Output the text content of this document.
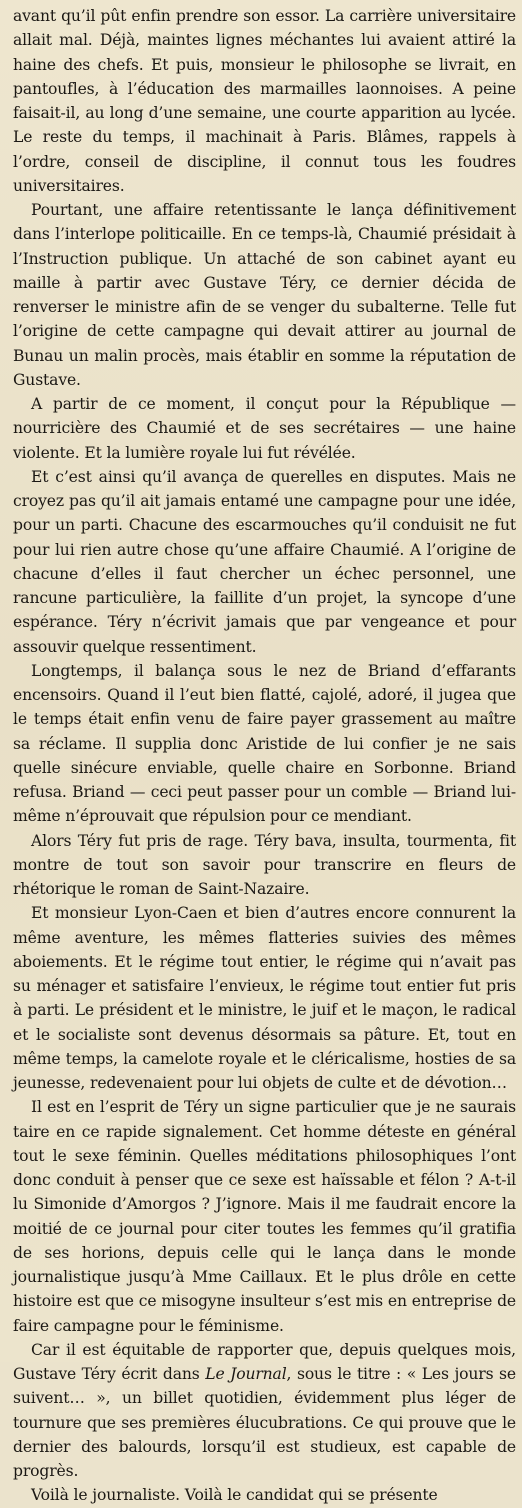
avant qu’il pût enfin prendre son essor. La carrière universitaire allait mal. Déjà, maintes lignes méchantes lui avaient attiré la haine des chefs. Et puis, monsieur le philosophe se livrait, en pantoufles, à l’éducation des marmailles laonnoises. A peine faisait-il, au long d’une semaine, une courte apparition au lycée. Le reste du temps, il machinait à Paris. Blâmes, rappels à l’ordre, conseil de discipline, il connut tous les foudres universitaires.

Pourtant, une affaire retentissante le lança définitivement dans l’interlope politicaille. En ce temps-là, Chaumié présidait à l’Instruction publique. Un attaché de son cabinet ayant eu maille à partir avec Gustave Téry, ce dernier décida de renverser le ministre afin de se venger du subalterne. Telle fut l’origine de cette campagne qui devait attirer au journal de Bunau un malin procès, mais établir en somme la réputation de Gustave.

A partir de ce moment, il conçut pour la République — nourricière des Chaumié et de ses secrétaires — une haine violente. Et la lumière royale lui fut révélée.

Et c’est ainsi qu’il avança de querelles en disputes. Mais ne croyez pas qu’il ait jamais entamé une campagne pour une idée, pour un parti. Chacune des escarmouches qu’il conduisit ne fut pour lui rien autre chose qu’une affaire Chaumié. A l’origine de chacune d’elles il faut chercher un échec personnel, une rancune particulière, la faillite d’un projet, la syncope d’une espérance. Téry n’écrivit jamais que par vengeance et pour assouvir quelque ressentiment.

Longtemps, il balança sous le nez de Briand d’effarants encensoirs. Quand il l’eut bien flatté, cajolé, adoré, il jugea que le temps était enfin venu de faire payer grassement au maître sa réclame. Il supplia donc Aristide de lui confier je ne sais quelle sinécure enviable, quelle chaire en Sorbonne. Briand refusa. Briand — ceci peut passer pour un comble — Briand lui-même n’éprouvait que répulsion pour ce mendiant.

Alors Téry fut pris de rage. Téry bava, insulta, tourmenta, fit montre de tout son savoir pour transcrire en fleurs de rhétorique le roman de Saint-Nazaire.

Et monsieur Lyon-Caen et bien d’autres encore connurent la même aventure, les mêmes flatteries suivies des mêmes aboiements. Et le régime tout entier, le régime qui n’avait pas su ménager et satisfaire l’envieux, le régime tout entier fut pris à parti. Le président et le ministre, le juif et le maçon, le radical et le socialiste sont devenus désormais sa pâture. Et, tout en même temps, la camelote royale et le cléricalisme, hosties de sa jeunesse, redevenaient pour lui objets de culte et de dévotion…

Il est en l’esprit de Téry un signe particulier que je ne saurais taire en ce rapide signalement. Cet homme déteste en général tout le sexe féminin. Quelles méditations philosophiques l’ont donc conduit à penser que ce sexe est haïssable et félon ? A-t-il lu Simonide d’Amorgos ? J’ignore. Mais il me faudrait encore la moitié de ce journal pour citer toutes les femmes qu’il gratifia de ses horions, depuis celle qui le lança dans le monde journalistique jusqu’à Mme Caillaux. Et le plus drôle en cette histoire est que ce misogyne insulteur s’est mis en entreprise de faire campagne pour le féminisme.

Car il est équitable de rapporter que, depuis quelques mois, Gustave Téry écrit dans Le Journal, sous le titre : « Les jours se suivent… », un billet quotidien, évidemment plus léger de tournure que ses premières élucubrations. Ce qui prouve que le dernier des balourds, lorsqu’il est studieux, est capable de progrès.

Voilà le journaliste. Voilà le candidat qui se présente
